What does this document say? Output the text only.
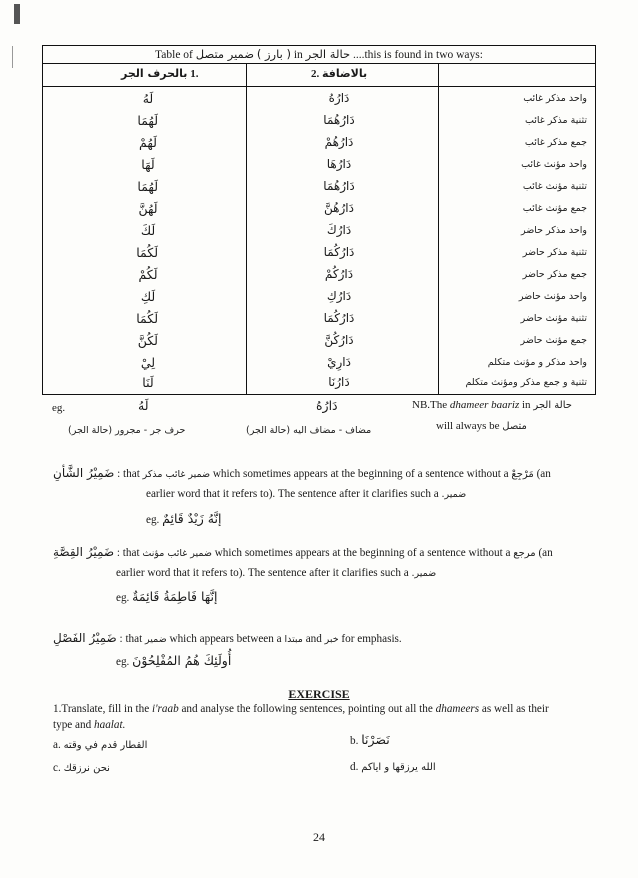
Table of ضمير متصل ( بارز ) in حالة الجر ....this is found in two ways:
بالحرف الجر 1.	2. بالاضافة
لَهُ	دَارُهُ	واحد مذكر غائب
لَهُمَا	دَارُهُمَا	تثنية مذكر غائب
لَهُمْ	دَارُهُمْ	جمع مذكر غائب
لَهَا	دَارُهَا	واحد مؤنث غائب
لَهُمَا	دَارُهُمَا	تثنية مؤنث غائب
لَهُنَّ	دَارُهُنَّ	جمع مؤنث غائب
لَكَ	دَارُكَ	واحد مذكر حاضر
لَكُمَا	دَارُكُمَا	تثنية مذكر حاضر
لَكُمْ	دَارُكُمْ	جمع مذكر حاضر
لَكِ	دَارُكِ	واحد مؤنث حاضر
لَكُمَا	دَارُكُمَا	تثنية مؤنث حاضر
لَكُنَّ	دَارُكُنَّ	جمع مؤنث حاضر
لِيْ	دَارِيْ	واحد مذكر و مؤنث متكلم
لَنَا	دَارُنَا	تثنية و جمع مذكر ومؤنث متكلم
eg.	لَهُ	دَارُهُ	NB.The dhameer baariz in حالة الجر
حرف جر - مجرور (حالة الجر)	مضاف - مضاف اليه (حالة الجر)	will always be متصل
ضَمِيْرُ الشَّأنِ : that ضمير غائب مذكر which sometimes appears at the beginning of a sentence without a مَرْجِعْ (an
earlier word that it refers to). The sentence after it clarifies such a ضمير.
eg. إنَّهُ زَيْدٌ قَائِمٌ
ضَمِيْرُ القِصَّةِ : that ضمير غائب مؤنث which sometimes appears at the beginning of a sentence without a مرجع (an
earlier word that it refers to). The sentence after it clarifies such a ضمير.
eg. إنَّهَا فَاطِمَةُ قَائِمَةٌ
ضَمِيْرُ الفَصْلِ : that ضمير which appears between a مبتدا and خبر for emphasis.
eg. أُولَئِكَ هُمُ المُفْلِحُوْنَ
EXERCISE
1.Translate, fill in the i'raab and analyse the following sentences, pointing out all the dhameers as well as their
type and haalat.
a. القطار قدم في وقته	b. نَصَرْنَا
c. نحن نرزقك	d. الله يرزقها و اياكم
24
